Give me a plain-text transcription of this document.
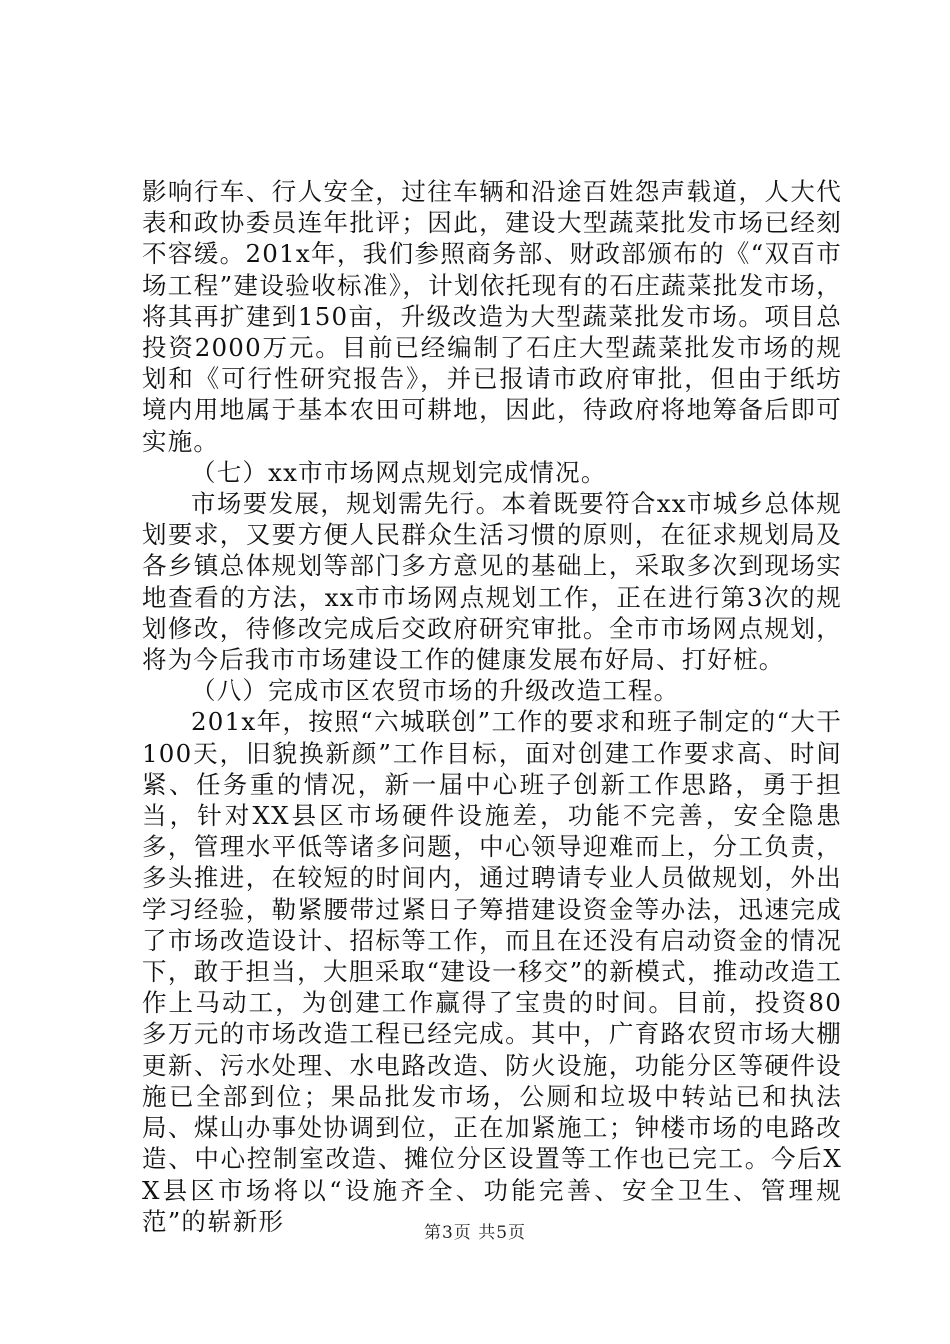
影响行车、行人安全，过往车辆和沿途百姓怨声载道，人大代表和政协委员连年批评；因此，建设大型蔬菜批发市场已经刻不容缓。201x年，我们参照商务部、财政部颁布的《“双百市场工程”建设验收标准》，计划依托现有的石庄蔬菜批发市场，将其再扩建到150亩，升级改造为大型蔬菜批发市场。项目总投资2000万元。目前已经编制了石庄大型蔬菜批发市场的规划和《可行性研究报告》，并已报请市政府审批，但由于纸坊境内用地属于基本农田可耕地，因此，待政府将地筹备后即可实施。

（七）xx市市场网点规划完成情况。

市场要发展，规划需先行。本着既要符合xx市城乡总体规划要求，又要方便人民群众生活习惯的原则，在征求规划局及各乡镇总体规划等部门多方意见的基础上，采取多次到现场实地查看的方法，xx市市场网点规划工作，正在进行第3次的规划修改，待修改完成后交政府研究审批。全市市场网点规划，将为今后我市市场建设工作的健康发展布好局、打好桩。

（八）完成市区农贸市场的升级改造工程。

201x年，按照“六城联创”工作的要求和班子制定的“大干100天，旧貌换新颜”工作目标，面对创建工作要求高、时间紧、任务重的情况，新一届中心班子创新工作思路，勇于担当，针对XX县区市场硬件设施差，功能不完善，安全隐患多，管理水平低等诸多问题，中心领导迎难而上，分工负责，多头推进，在较短的时间内，通过聘请专业人员做规划，外出学习经验，勒紧腰带过紧日子筹措建设资金等办法，迅速完成了市场改造设计、招标等工作，而且在还没有启动资金的情况下，敢于担当，大胆采取“建设一移交”的新模式，推动改造工作上马动工，为创建工作赢得了宝贵的时间。目前，投资80多万元的市场改造工程已经完成。其中，广育路农贸市场大棚更新、污水处理、水电路改造、防火设施，功能分区等硬件设施已全部到位；果品批发市场，公厕和垃圾中转站已和执法局、煤山办事处协调到位，正在加紧施工；钟楼市场的电路改造、中心控制室改造、摊位分区设置等工作也已完工。今后XX县区市场将以“设施齐全、功能完善、安全卫生、管理规范”的崭新形	第3页 共5页
